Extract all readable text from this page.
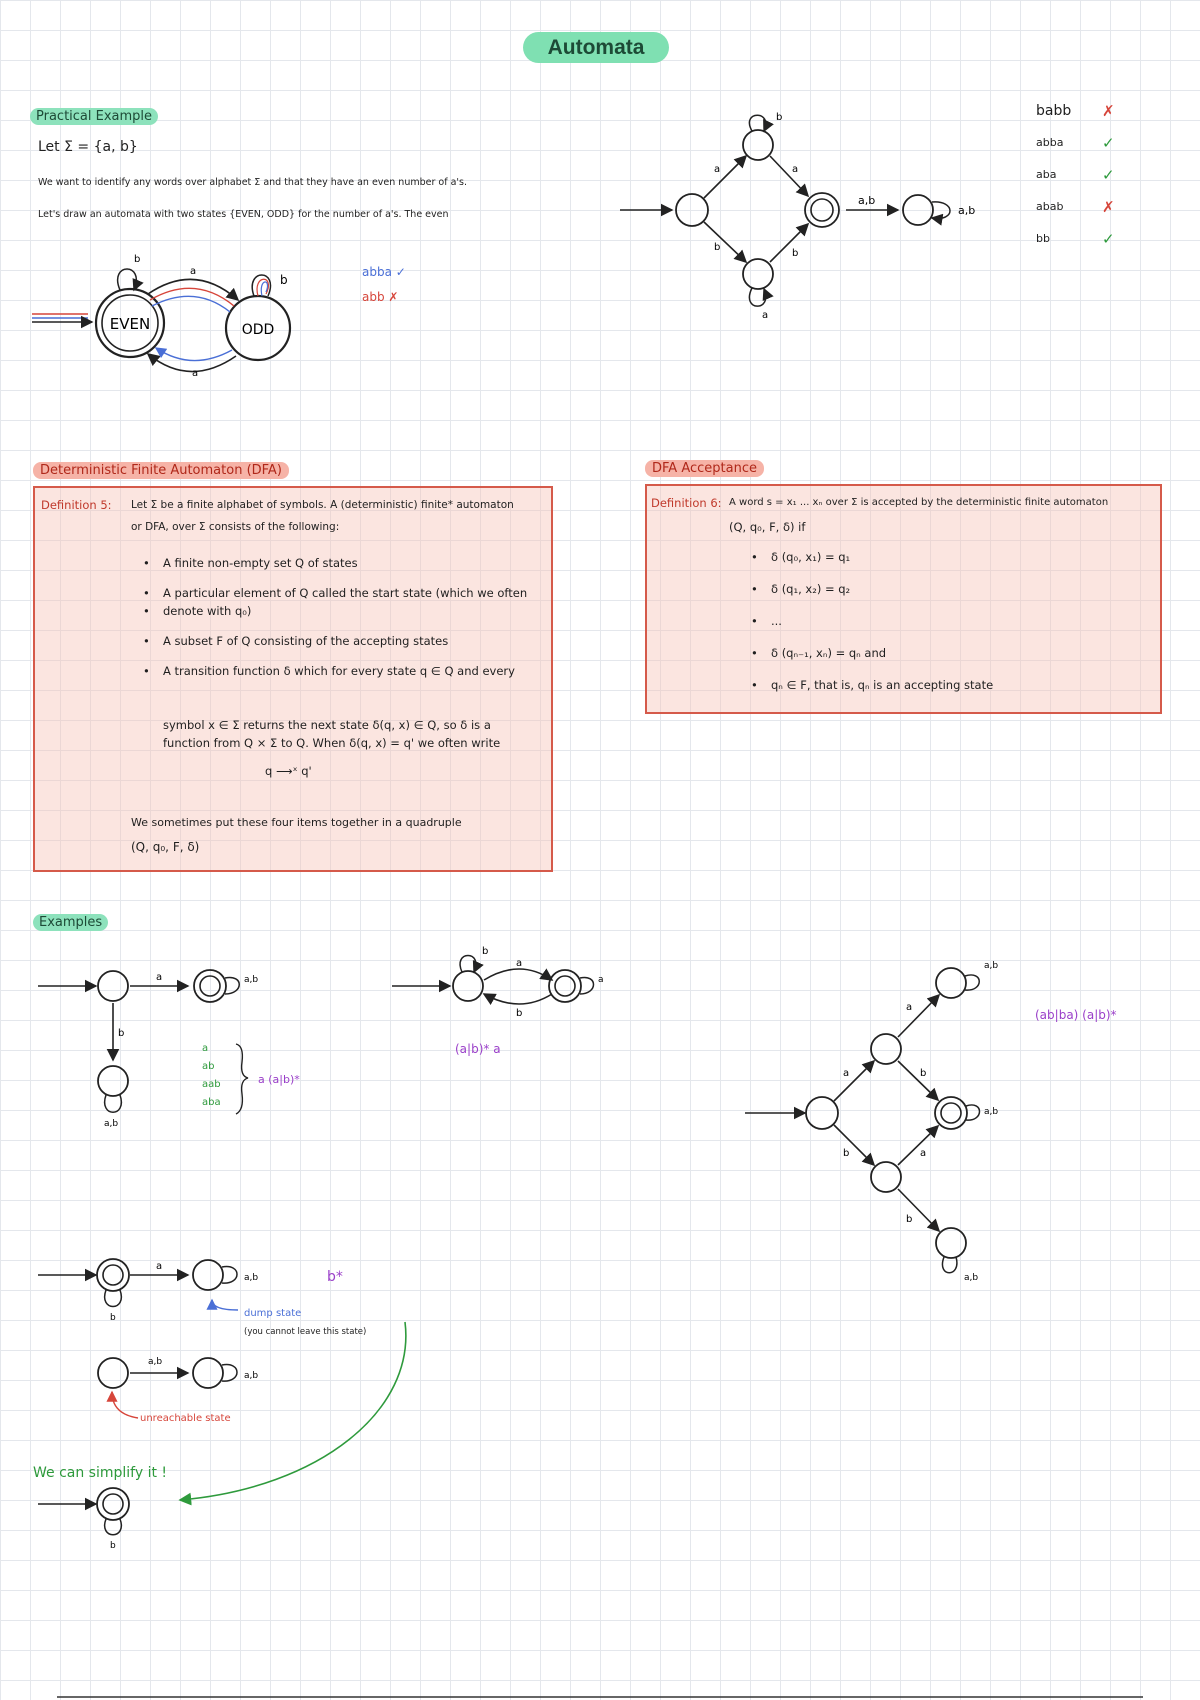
Automata
Practical Example
Let Σ = {a, b}
We want to identify any words over alphabet Σ and that they have an even number of a's.
Let's draw an automata with two states {EVEN, ODD} for the number of a's. The even
abba ✓
abb ✗
babb ✗
abba	✓
aba	✓
abab	✗
bb	✓
Deterministic Finite Automaton (DFA)
Definition 5: Let Σ be a finite alphabet of symbols. A (deterministic) finite* automaton
or DFA, over Σ consists of the following:
• A finite non-empty set Q of states
• A particular element of Q called the start state (which we often
• denote with q₀)
• A subset F of Q consisting of the accepting states
• A transition function δ which for every state q ∈ Q and every
symbol x ∈ Σ returns the next state δ(q, x) ∈ Q, so δ is a
function from Q × Σ to Q. When δ(q, x) = q' we often write
q ⟶ˣ q'
We sometimes put these four items together in a quadruple
(Q, q₀, F, δ)
DFA Acceptance
Definition 6: A word s = x₁ ... xₙ over Σ is accepted by the deterministic finite automaton
(Q, q₀, F, δ) if
• δ (q₀, x₁) = q₁
• δ (q₁, x₂) = q₂
• ...
• δ (qₙ₋₁, xₙ) = qₙ and
• qₙ ∈ F, that is, qₙ is an accepting state
Examples
a
ab
aab
aba
a (a|b)*
(a|b)* a
(ab|ba) (a|b)*
b*
dump state
(you cannot leave this state)
unreachable state
We can simplify it !
EVEN	ODD
b
a
a
b
b
a
a,b
a
b
a
b
a,b
a	a,b
b
a,b
b
a
b
a
a
b
a
b
a
b
a,b
a,b
a,b
b
a
a,b
a,b
a,b
b
